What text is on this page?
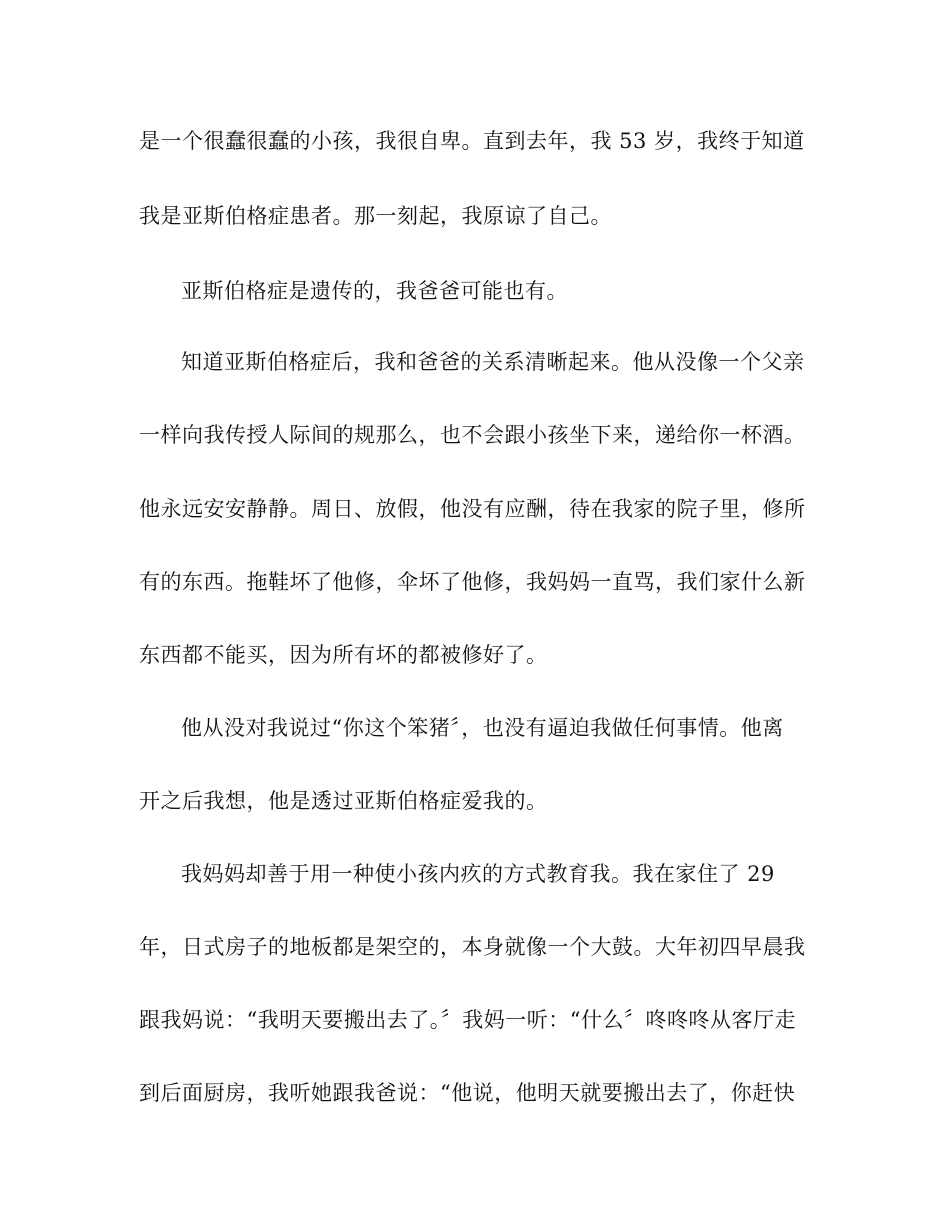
是一个很蠢很蠢的小孩，我很自卑。直到去年，我 53 岁，我终于知道
我是亚斯伯格症患者。那一刻起，我原谅了自己。
亚斯伯格症是遗传的，我爸爸可能也有。
知道亚斯伯格症后，我和爸爸的关系清晰起来。他从没像一个父亲
一样向我传授人际间的规那么，也不会跟小孩坐下来，递给你一杯酒。
他永远安安静静。周日、放假，他没有应酬，待在我家的院子里，修所
有的东西。拖鞋坏了他修，伞坏了他修，我妈妈一直骂，我们家什么新
东西都不能买，因为所有坏的都被修好了。
他从没对我说过“你这个笨猪〞，也没有逼迫我做任何事情。他离
开之后我想，他是透过亚斯伯格症爱我的。
我妈妈却善于用一种使小孩内疚的方式教育我。我在家住了 29
年，日式房子的地板都是架空的，本身就像一个大鼓。大年初四早晨我
跟我妈说：“我明天要搬出去了。〞我妈一听：“什么〞咚咚咚从客厅走
到后面厨房，我听她跟我爸说：“他说，他明天就要搬出去了，你赶快
